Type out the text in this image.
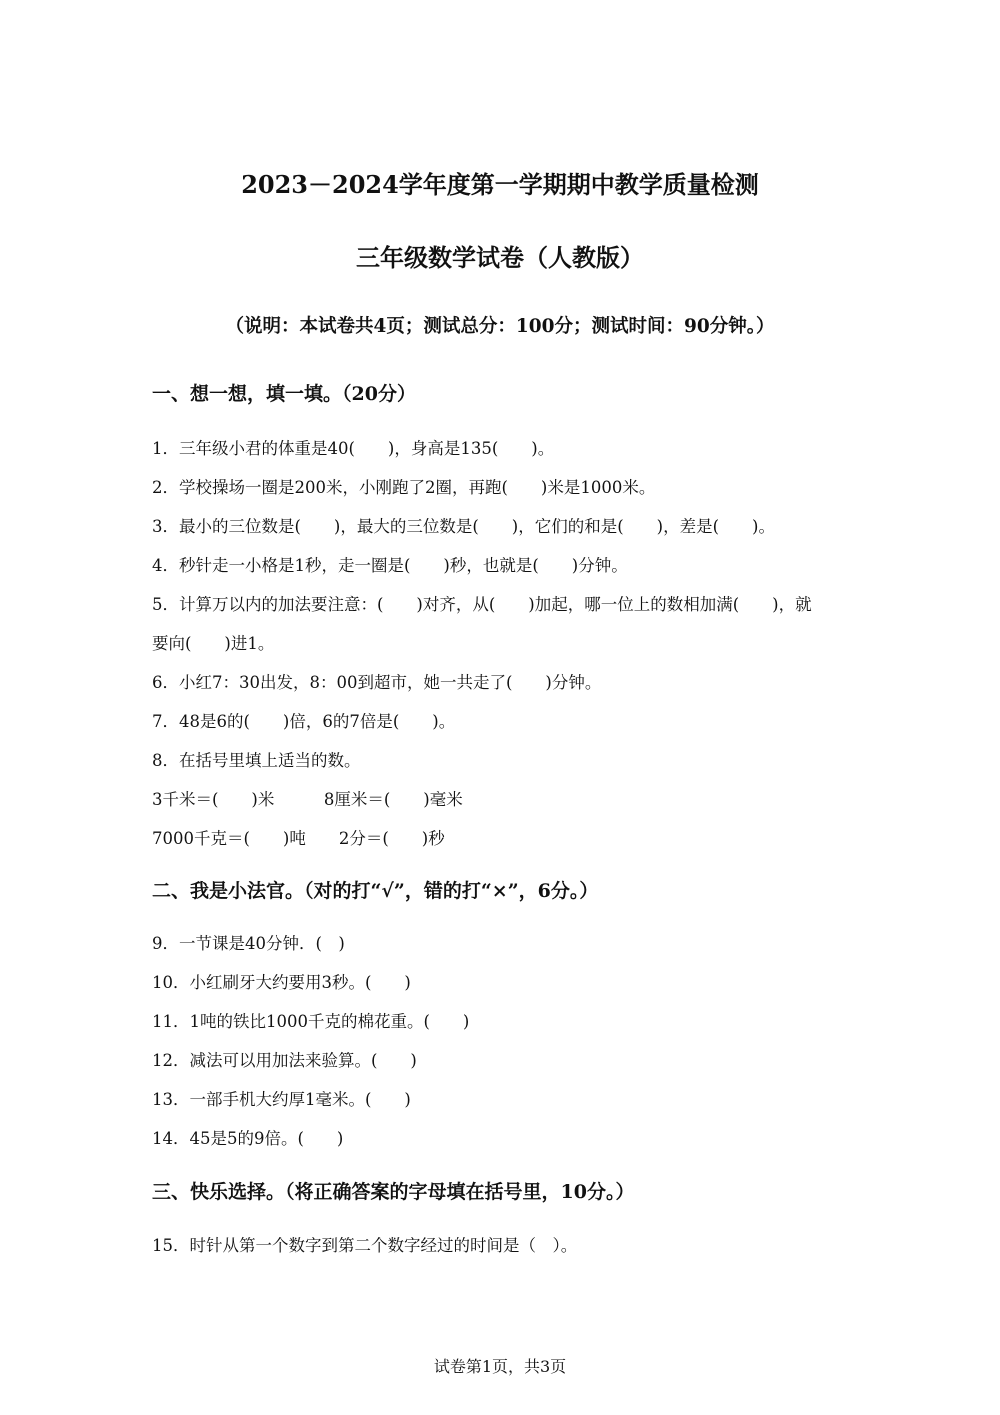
2023－2024学年度第一学期期中教学质量检测
三年级数学试卷（人教版）
（说明：本试卷共4页；测试总分：100分；测试时间：90分钟。）
一、想一想，填一填。（20分）
1．三年级小君的体重是40(　　)，身高是135(　　)。
2．学校操场一圈是200米，小刚跑了2圈，再跑(　　)米是1000米。
3．最小的三位数是(　　)，最大的三位数是(　　)，它们的和是(　　)，差是(　　)。
4．秒针走一小格是1秒，走一圈是(　　)秒，也就是(　　)分钟。
5．计算万以内的加法要注意：(　　)对齐，从(　　)加起，哪一位上的数相加满(　　)，就
要向(　　)进1。
6．小红7：30出发，8：00到超市，她一共走了(　　)分钟。
7．48是6的(　　)倍，6的7倍是(　　)。
8．在括号里填上适当的数。
3千米＝(　　)米　　　8厘米＝(　　)毫米
7000千克＝(　　)吨　　2分＝(　　)秒
二、我是小法官。（对的打“√”，错的打“×”，6分。）
9．一节课是40分钟．(　)
10．小红刷牙大约要用3秒。(　　)
11．1吨的铁比1000千克的棉花重。(　　)
12．减法可以用加法来验算。(　　)
13．一部手机大约厚1毫米。(　　)
14．45是5的9倍。(　　)
三、快乐选择。（将正确答案的字母填在括号里，10分。）
15．时针从第一个数字到第二个数字经过的时间是（　）。
试卷第1页，共3页
